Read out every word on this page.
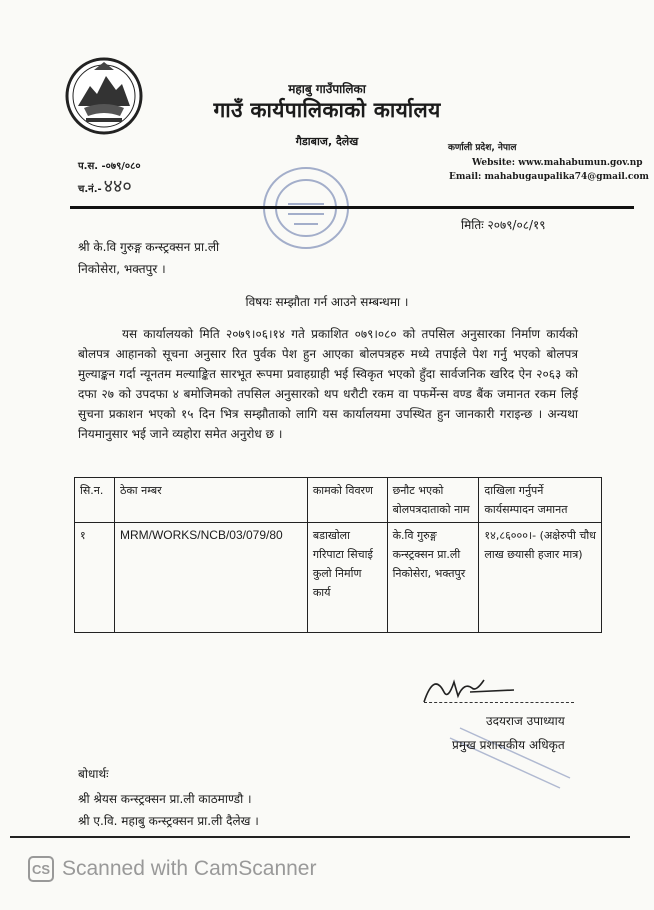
महाबु गाउँपालिका
गाउँ कार्यपालिकाको कार्यालय
गैडाबाज, दैलेख	कर्णाली प्रदेश, नेपाल
Website: www.mahabumun.gov.np
Email: mahabugaupalika74@gmail.com
प.स. -०७९/०८०
च.नं.- ४४०
मितिः २०७९/०८/१९
श्री के.वि गुरुङ्ग कन्स्ट्रक्सन प्रा.ली
निकोसेरा, भक्तपुर ।
विषयः सम्झौता गर्न आउने सम्बन्धमा ।
यस कार्यालयको मिति २०७९।०६।१४ गते प्रकाशित ०७९।०८० को तपसिल अनुसारका निर्माण कार्यको बोलपत्र आहानको सूचना अनुसार रित पुर्वक पेश हुन आएका बोलपत्रहरु मध्ये तपाईले पेश गर्नु भएको बोलपत्र मुल्याङ्कन गर्दा न्यूनतम मल्याङ्कित सारभूत रूपमा प्रवाहग्राही भई स्विकृत भएको हुँदा सार्वजनिक खरिद ऐन २०६३ को दफा २७ को उपदफा ४ बमोजिमको तपसिल अनुसारको थप धरौटी रकम वा पफर्मेन्स वण्ड बैंक जमानत रकम लिई सुचना प्रकाशन भएको १५ दिन भित्र सम्झौताको लागि यस कार्यालयमा उपस्थित हुन जानकारी गराइन्छ । अन्यथा नियमानुसार भई जाने व्यहोरा समेत अनुरोध छ ।
सि.न.	ठेका नम्बर	कामको विवरण	छनौट भएको बोलपत्रदाताको नाम	दाखिला गर्नुपर्ने कार्यसम्पादन जमानत
१	MRM/WORKS/NCB/03/079/80	बडाखोला गरिपाटा सिचाई कुलो निर्माण कार्य	के.वि गुरुङ्ग कन्स्ट्रक्सन प्रा.ली निकोसेरा, भक्तपुर	१४,८६०००।- (अक्षेरुपी चौध लाख छयासी हजार मात्र)
उदयराज उपाध्याय
प्रमुख प्रशासकीय अधिकृत
बोधार्थः
श्री श्रेयस कन्स्ट्रक्सन प्रा.ली काठमाण्डौ ।
श्री ए.वि. महाबु कन्स्ट्रक्सन प्रा.ली दैलेख ।
CS Scanned with CamScanner
